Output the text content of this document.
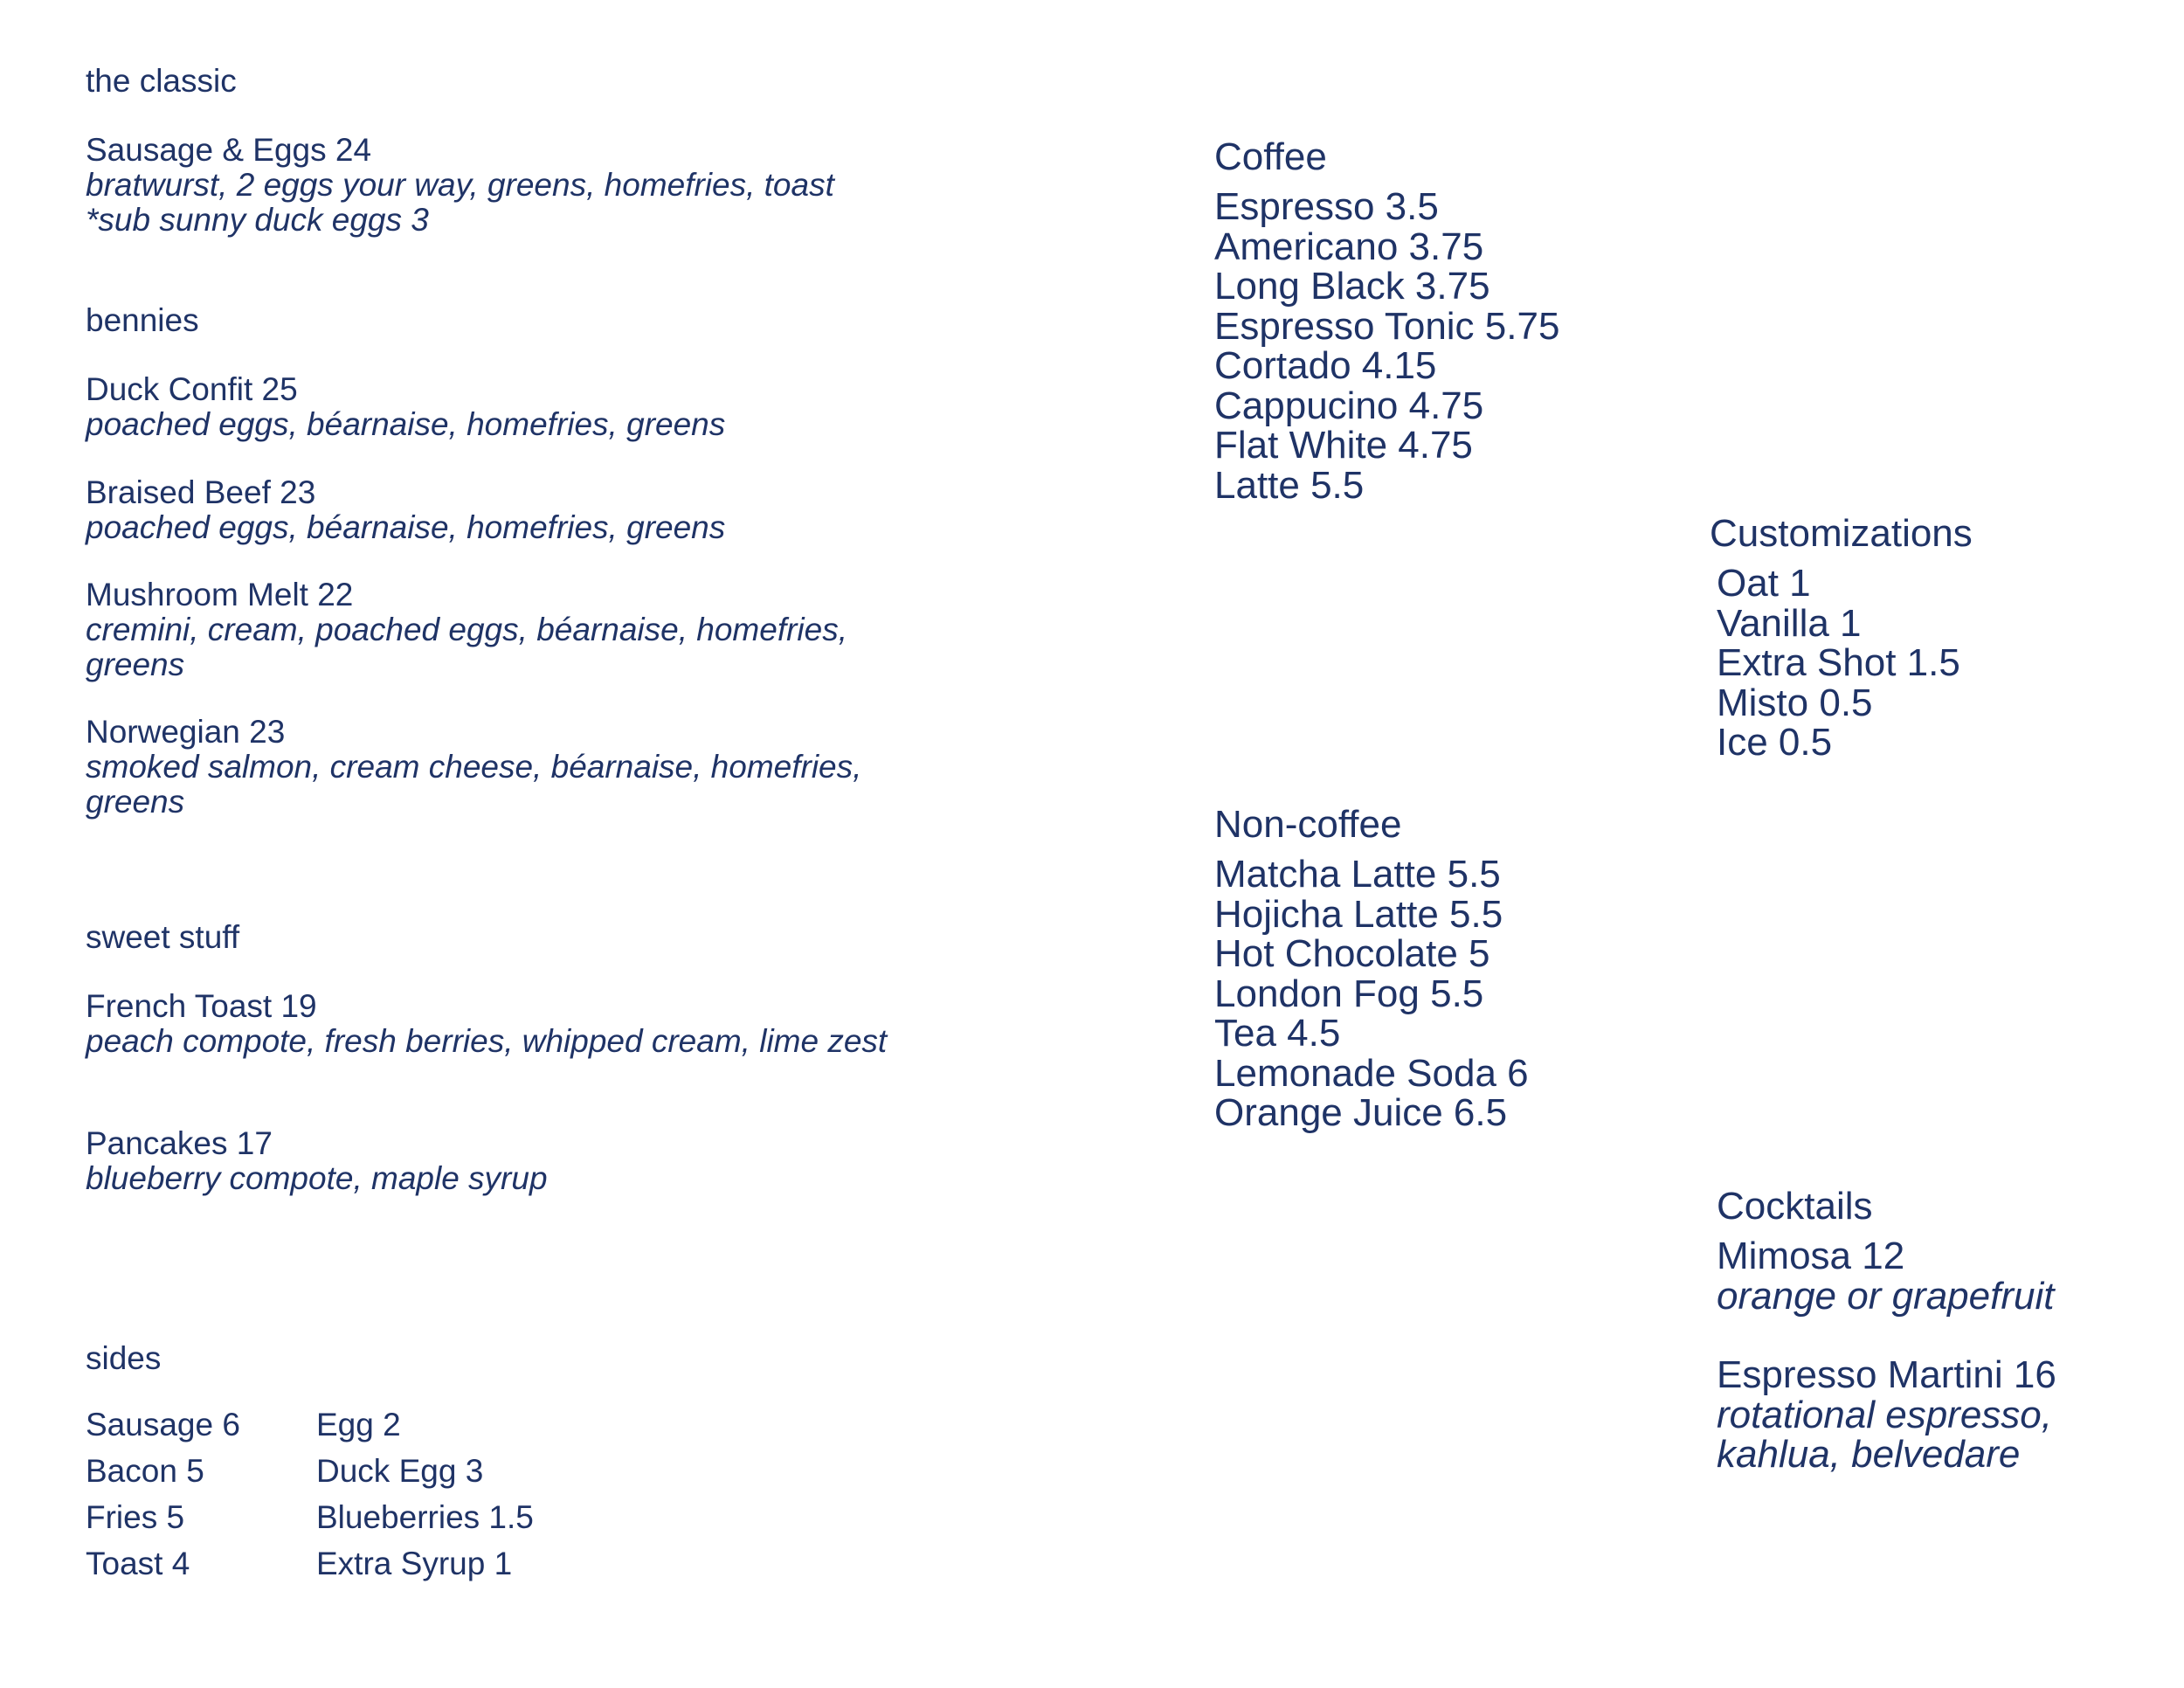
the classic
Sausage & Eggs 24
bratwurst, 2 eggs your way, greens, homefries, toast
*sub sunny duck eggs 3
bennies
Duck Confit 25
poached eggs, béarnaise, homefries, greens
Braised Beef 23
poached eggs, béarnaise, homefries, greens
Mushroom Melt 22
cremini, cream, poached eggs, béarnaise, homefries, greens
Norwegian 23
smoked salmon, cream cheese, béarnaise, homefries, greens
sweet stuff
French Toast 19
peach compote, fresh berries, whipped cream, lime zest
Pancakes 17
blueberry compote, maple syrup
sides
Sausage 6
Bacon 5
Fries 5
Toast 4
Egg 2
Duck Egg 3
Blueberries 1.5
Extra Syrup 1
Coffee
Espresso 3.5
Americano 3.75
Long Black 3.75
Espresso Tonic 5.75
Cortado 4.15
Cappucino 4.75
Flat White 4.75
Latte 5.5
Customizations
Oat 1
Vanilla 1
Extra Shot 1.5
Misto 0.5
Ice 0.5
Non-coffee
Matcha Latte 5.5
Hojicha Latte 5.5
Hot Chocolate 5
London Fog 5.5
Tea 4.5
Lemonade Soda 6
Orange Juice 6.5
Cocktails
Mimosa 12
orange or grapefruit
Espresso Martini 16
rotational espresso,
kahlua, belvedare
